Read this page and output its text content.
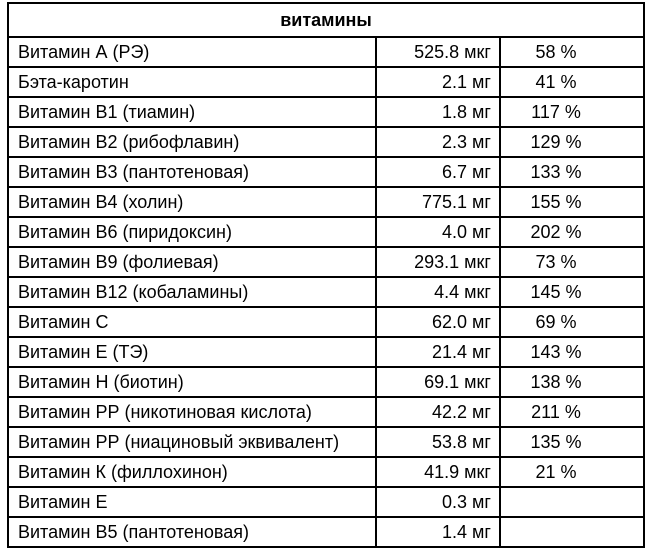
витамины		
Витамин А (РЭ)	525.8 мкг	58 %
Бэта-каротин	2.1 мг	41 %
Витамин В1 (тиамин)	1.8 мг	117 %
Витамин В2 (рибофлавин)	2.3 мг	129 %
Витамин В3 (пантотеновая)	6.7 мг	133 %
Витамин В4 (холин)	775.1 мг	155 %
Витамин В6 (пиридоксин)	4.0 мг	202 %
Витамин В9 (фолиевая)	293.1 мкг	73 %
Витамин В12 (кобаламины)	4.4 мкг	145 %
Витамин С	62.0 мг	69 %
Витамин Е (ТЭ)	21.4 мг	143 %
Витамин Н (биотин)	69.1 мкг	138 %
Витамин РР (никотиновая кислота)	42.2 мг	211 %
Витамин РР (ниациновый эквивалент)	53.8 мг	135 %
Витамин К (филлохинон)	41.9 мкг	21 %
Витамин Е	0.3 мг	
Витамин В5 (пантотеновая)	1.4 мг	
